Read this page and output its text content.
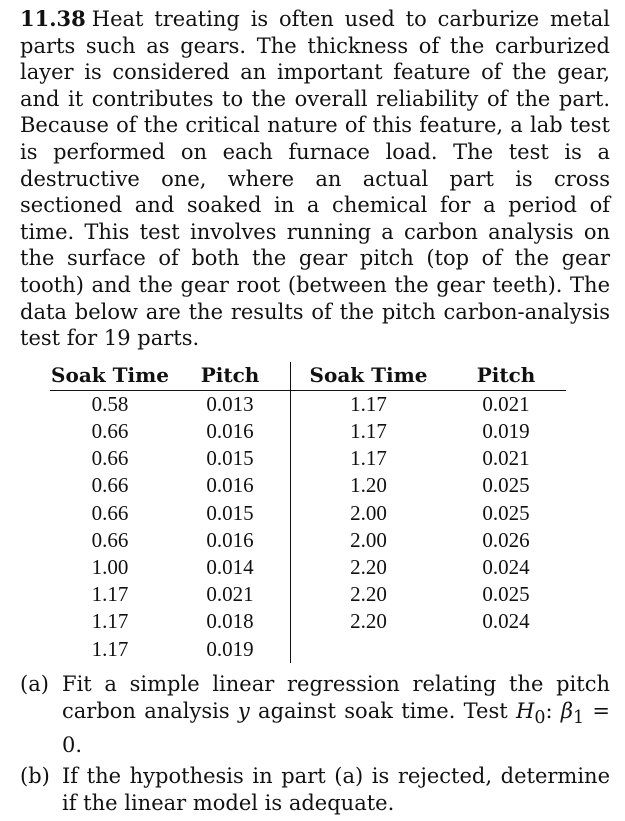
11.38 Heat treating is often used to carburize metal parts such as gears. The thickness of the carburized layer is considered an important feature of the gear, and it contributes to the overall reliability of the part. Because of the critical nature of this feature, a lab test is performed on each furnace load. The test is a destructive one, where an actual part is cross sectioned and soaked in a chemical for a period of time. This test involves running a carbon analysis on the surface of both the gear pitch (top of the gear tooth) and the gear root (between the gear teeth). The data below are the results of the pitch carbon-analysis test for 19 parts.

Soak Time	Pitch	Soak Time	Pitch
0.58	0.013	1.17	0.021
0.66	0.016	1.17	0.019
0.66	0.015	1.17	0.021
0.66	0.016	1.20	0.025
0.66	0.015	2.00	0.025
0.66	0.016	2.00	0.026
1.00	0.014	2.20	0.024
1.17	0.021	2.20	0.025
1.17	0.018	2.20	0.024
1.17	0.019		
(a) Fit a simple linear regression relating the pitch carbon analysis y against soak time. Test $H_0$: $\beta_1 = 0$.
(b) If the hypothesis in part (a) is rejected, determine if the linear model is adequate.
